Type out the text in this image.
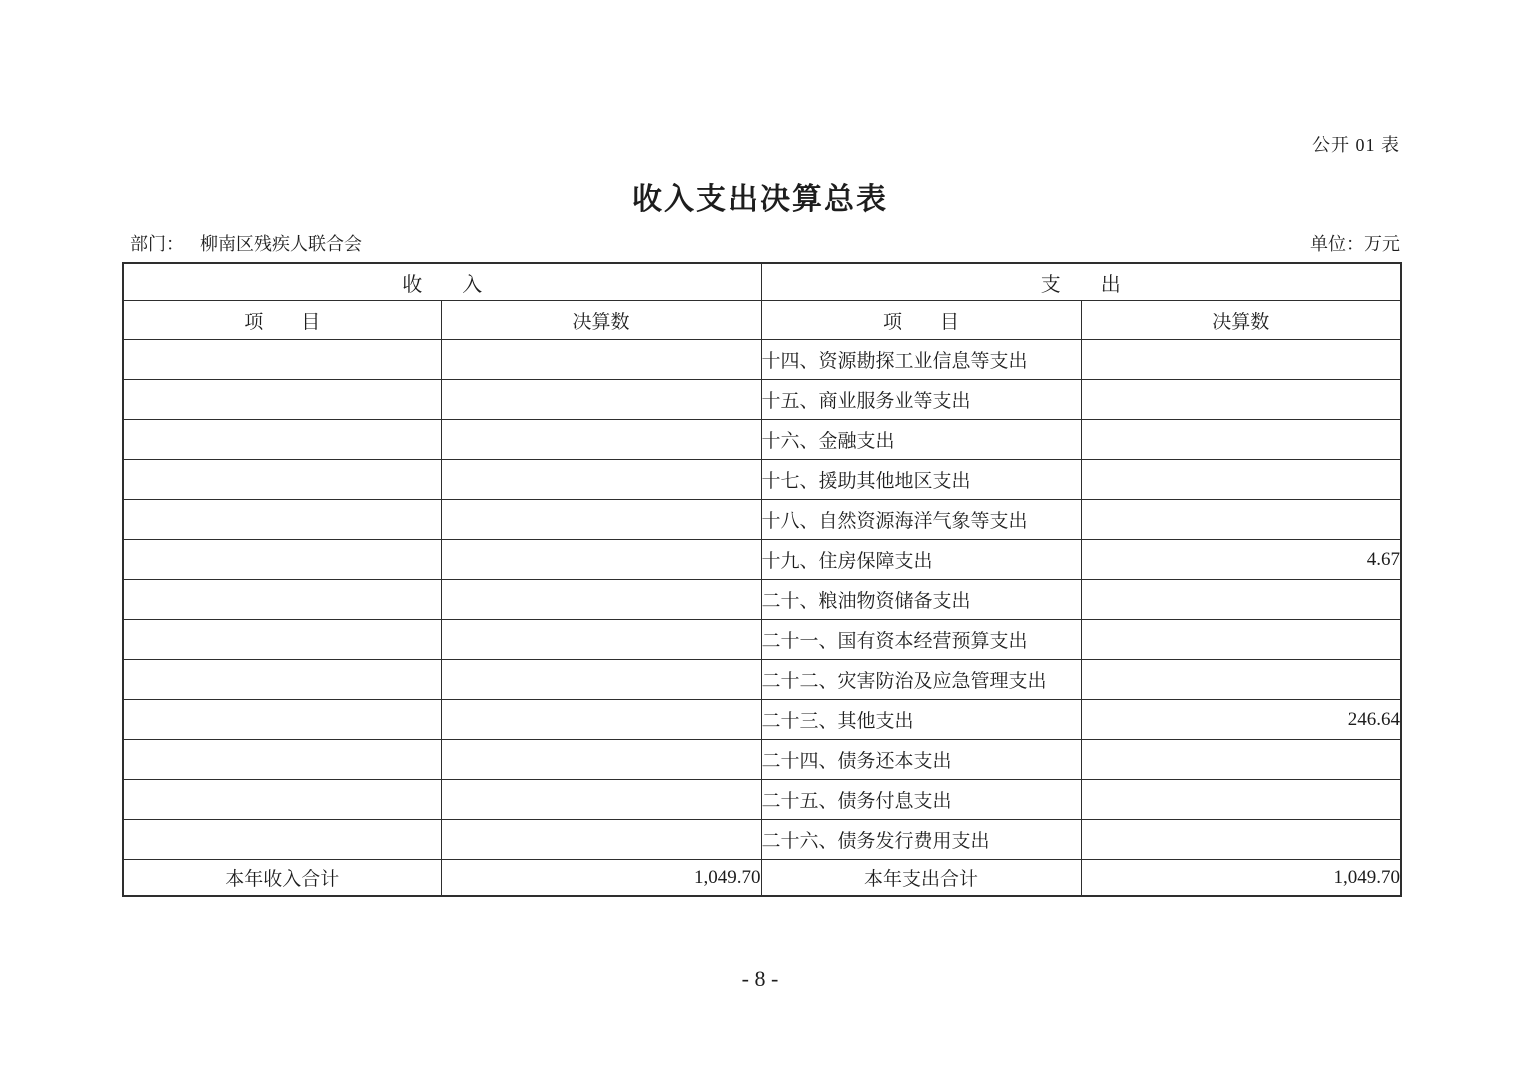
公开 01 表
收入支出决算总表
部门： 柳南区残疾人联合会	单位：万元
收　　入		支　　出	
项　　目	决算数	项　　目	决算数
		十四、资源勘探工业信息等支出	
		十五、商业服务业等支出	
		十六、金融支出	
		十七、援助其他地区支出	
		十八、自然资源海洋气象等支出	
		十九、住房保障支出	4.67
		二十、粮油物资储备支出	
		二十一、国有资本经营预算支出	
		二十二、灾害防治及应急管理支出	
		二十三、其他支出	246.64
		二十四、债务还本支出	
		二十五、债务付息支出	
		二十六、债务发行费用支出	
本年收入合计	1,049.70	本年支出合计	1,049.70
- 8 -
